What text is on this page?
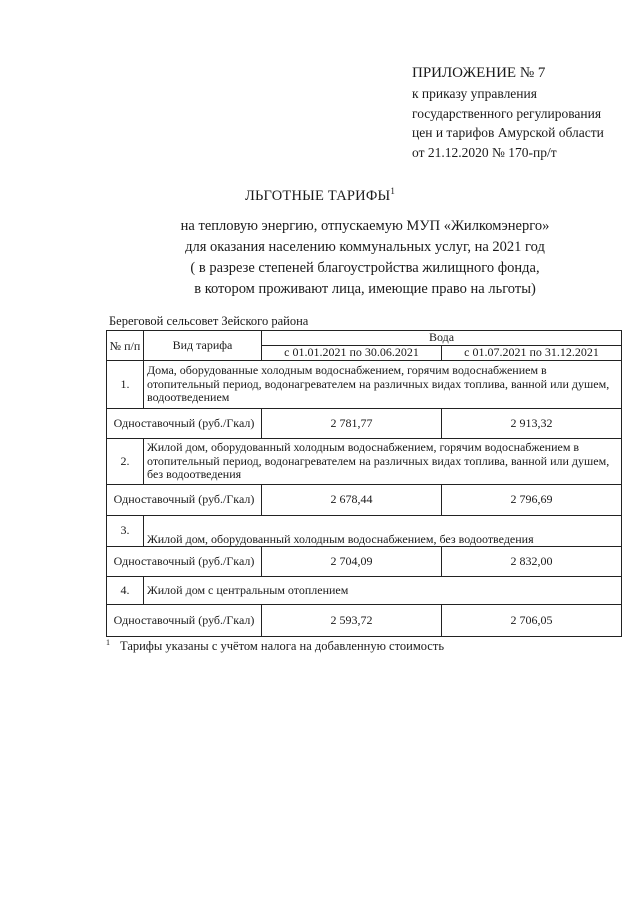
ПРИЛОЖЕНИЕ № 7
к приказу управления
государственного регулирования
цен и тарифов Амурской области
от 21.12.2020 № 170-пр/т
ЛЬГОТНЫЕ ТАРИФЫ$^1$
на тепловую энергию, отпускаемую МУП «Жилкомэнерго»
для оказания населению коммунальных услуг, на 2021 год
( в разрезе степеней благоустройства жилищного фонда,
в котором проживают лица, имеющие право на льготы)
Береговой сельсовет Зейского района
№ п/п	Вид тарифа	Вода	
		с 01.01.2021 по 30.06.2021	с 01.07.2021 по 31.12.2021
1.	Дома, оборудованные холодным водоснабжением, горячим водоснабжением в отопительный период, водонагревателем на различных видах топлива, ванной или душем, водоотведением		
Одноставочный (руб./Гкал)		2 781,77	2 913,32
2.	Жилой дом, оборудованный холодным водоснабжением, горячим водоснабжением в отопительный период, водонагревателем на различных видах топлива, ванной или душем, без водоотведения		
Одноставочный (руб./Гкал)		2 678,44	2 796,69
3.	Жилой дом, оборудованный холодным водоснабжением, без водоотведения		
Одноставочный (руб./Гкал)		2 704,09	2 832,00
4.	Жилой дом с центральным отоплением		
Одноставочный (руб./Гкал)		2 593,72	2 706,05
$^1$ Тарифы указаны с учётом налога на добавленную стоимость
